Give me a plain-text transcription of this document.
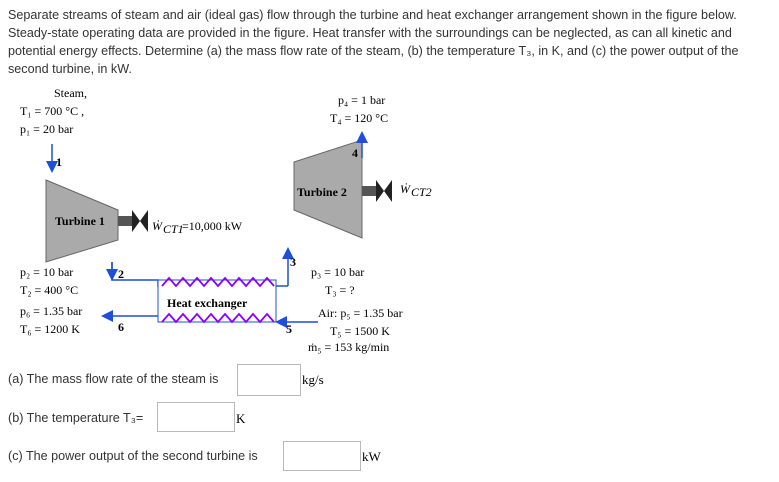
Separate streams of steam and air (ideal gas) flow through the turbine and heat exchanger arrangement shown in the figure below. Steady-state operating data are provided in the figure. Heat transfer with the surroundings can be neglected, as can all kinetic and potential energy effects. Determine (a) the mass flow rate of the steam, (b) the temperature T₃, in K, and (c) the power output of the second turbine, in kW.
Steam,
T₁ = 700 °C ,
p₁ = 20 bar
1
Turbine 1	Ẇ CT1
=10,000 kW
p₂ = 10 bar	2
T₂ = 400 °C
Heat exchanger
3
p₃ = 10 bar
T₃ = ?
Turbine 2	Ẇ CT2
4
p₄ = 1 bar
T₄ = 120 °C
5
Air: p₅ = 1.35 bar
T₅ = 1500 K
ṁ₅ = 153 kg/min
p₆ = 1.35 bar
T₆ = 1200 K	6
(a) The mass flow rate of the steam is	kg/s
(b) The temperature T₃=	K
(c) The power output of the second turbine is	kW
